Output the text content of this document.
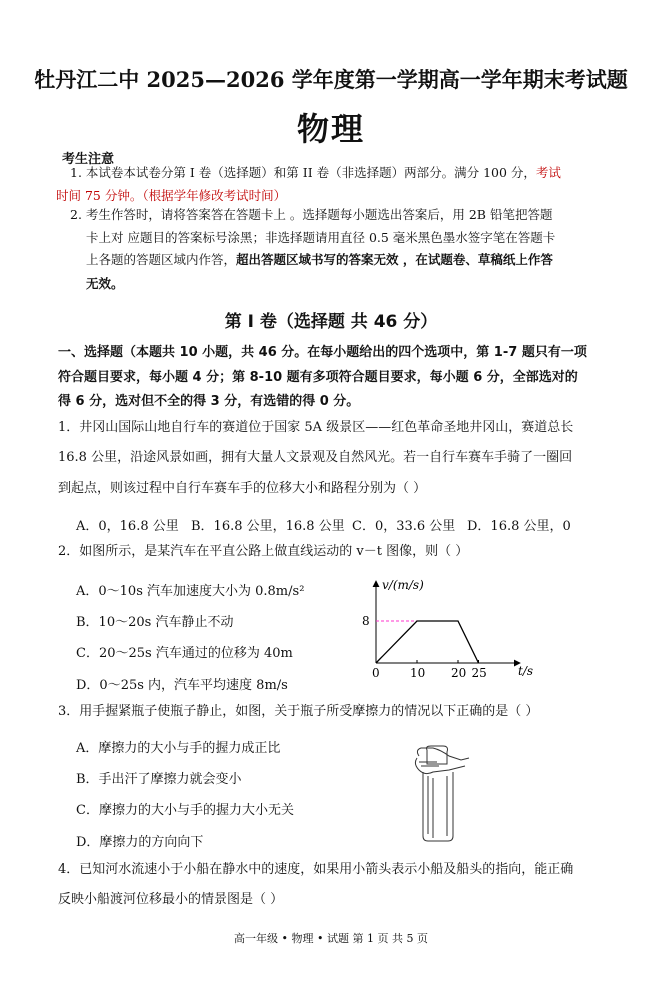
牡丹江二中 2025—2026 学年度第一学期高一学年期末考试题
物理
考生注意
1. 本试卷本试卷分第 I 卷（选择题）和第 II 卷（非选择题）两部分。满分 100 分，考试
时间 75 分钟。（根据学年修改考试时间）
2. 考生作答时，请将答案答在答题卡上 。选择题每小题选出答案后，用 2B 铅笔把答题
卡上对 应题目的答案标号涂黑；非选择题请用直径 0.5 毫米黑色墨水签字笔在答题卡
上各题的答题区域内作答，超出答题区域书写的答案无效 ，在试题卷、草稿纸上作答
无效。
第 I 卷（选择题 共 46 分）
一、选择题（本题共 10 小题，共 46 分。在每小题给出的四个选项中，第 1-7 题只有一项
符合题目要求，每小题 4 分；第 8-10 题有多项符合题目要求，每小题 6 分，全部选对的
得 6 分，选对但不全的得 3 分，有选错的得 0 分。
1．井冈山国际山地自行车的赛道位于国家 5A 级景区——红色革命圣地井冈山，赛道总长
16.8 公里，沿途风景如画，拥有大量人文景观及自然风光。若一自行车赛车手骑了一圈回
到起点，则该过程中自行车赛车手的位移大小和路程分别为（ ）
A．0，16.8 公里 B．16.8 公里，16.8 公里 C．0，33.6 公里 D．16.8 公里，0
2．如图所示，是某汽车在平直公路上做直线运动的 v－t 图像，则（ ）
A．0～10s 汽车加速度大小为 0.8m/s²
B．10～20s 汽车静止不动
C．20～25s 汽车通过的位移为 40m
D．0～25s 内，汽车平均速度 8m/s
v/(m/s)
t/s
0	10 20 25
8
3．用手握紧瓶子使瓶子静止，如图，关于瓶子所受摩擦力的情况以下正确的是（ ）
A．摩擦力的大小与手的握力成正比
B．手出汗了摩擦力就会变小
C．摩擦力的大小与手的握力大小无关
D．摩擦力的方向向下
4．已知河水流速小于小船在静水中的速度，如果用小箭头表示小船及船头的指向，能正确
反映小船渡河位移最小的情景图是（ ）
高一年级 • 物理 • 试题 第 1 页 共 5 页
